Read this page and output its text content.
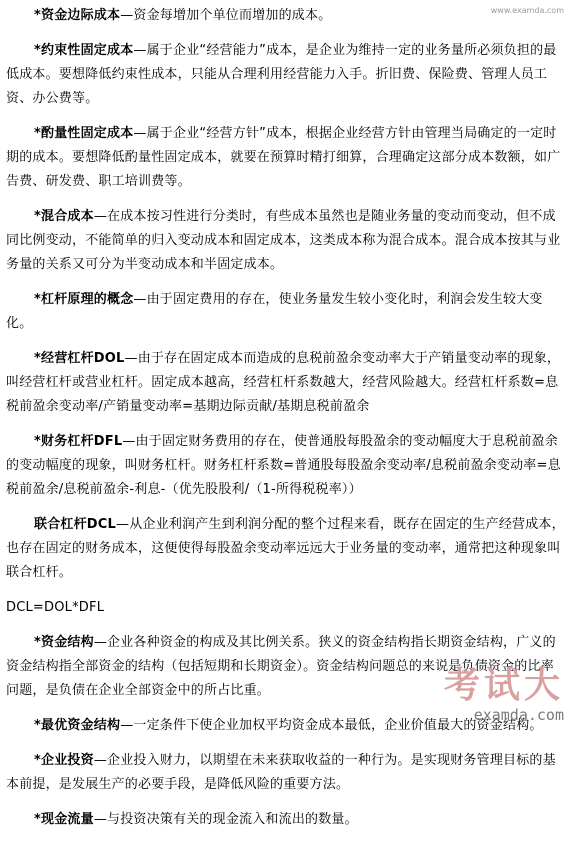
*资金边际成本—资金每增加个单位而增加的成本。

*约束性固定成本—属于企业“经营能力”成本，是企业为维持一定的业务量所必须负担的最低成本。要想降低约束性成本，只能从合理利用经营能力入手。折旧费、保险费、管理人员工资、办公费等。

*酌量性固定成本—属于企业“经营方针”成本，根据企业经营方针由管理当局确定的一定时期的成本。要想降低酌量性固定成本，就要在预算时精打细算，合理确定这部分成本数额，如广告费、研发费、职工培训费等。

*混合成本—在成本按习性进行分类时，有些成本虽然也是随业务量的变动而变动，但不成同比例变动，不能简单的归入变动成本和固定成本，这类成本称为混合成本。混合成本按其与业务量的关系又可分为半变动成本和半固定成本。

*杠杆原理的概念—由于固定费用的存在，使业务量发生较小变化时，利润会发生较大变化。

*经营杠杆DOL—由于存在固定成本而造成的息税前盈余变动率大于产销量变动率的现象，叫经营杠杆或营业杠杆。固定成本越高，经营杠杆系数越大，经营风险越大。经营杠杆系数=息税前盈余变动率/产销量变动率=基期边际贡献/基期息税前盈余

*财务杠杆DFL—由于固定财务费用的存在，使普通股每股盈余的变动幅度大于息税前盈余的变动幅度的现象，叫财务杠杆。财务杠杆系数=普通股每股盈余变动率/息税前盈余变动率=息税前盈余/息税前盈余-利息-（优先股股利/（1-所得税税率））

联合杠杆DCL—从企业利润产生到利润分配的整个过程来看，既存在固定的生产经营成本，也存在固定的财务成本，这便使得每股盈余变动率远远大于业务量的变动率，通常把这种现象叫联合杠杆。

DCL=DOL*DFL

*资金结构—企业各种资金的构成及其比例关系。狭义的资金结构指长期资金结构，广义的资金结构指全部资金的结构（包括短期和长期资金）。资金结构问题总的来说是负债资金的比率问题，是负债在企业全部资金中的所占比重。

*最优资金结构—一定条件下使企业加权平均资金成本最低，企业价值最大的资金结构。

*企业投资—企业投入财力，以期望在未来获取收益的一种行为。是实现财务管理目标的基本前提，是发展生产的必要手段，是降低风险的重要方法。

*现金流量—与投资决策有关的现金流入和流出的数量。

www.examda.com
考试大
examda.com
